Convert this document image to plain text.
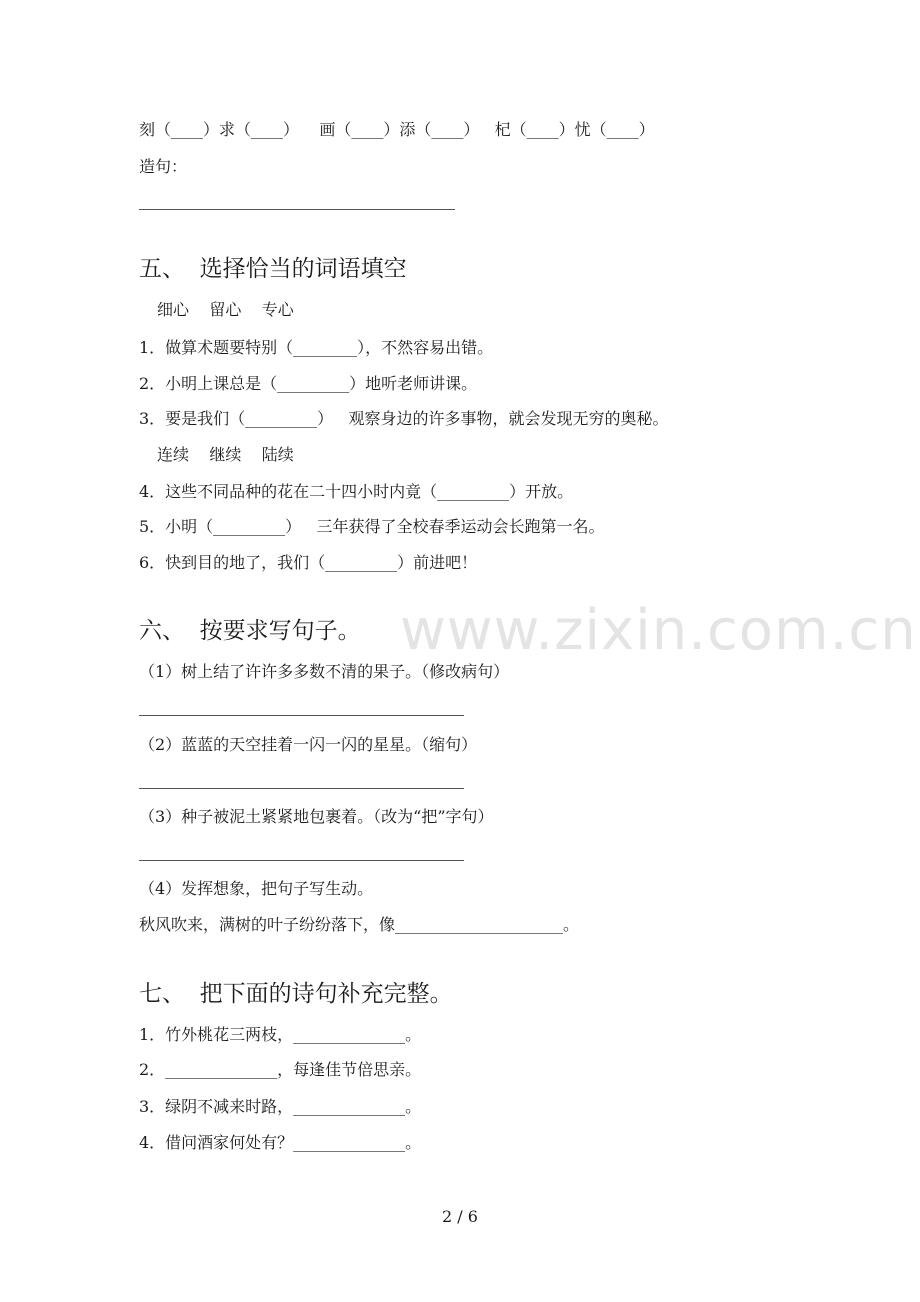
刻（____）求（____）    画（____）添（____）   杞（____）忧（____）
造句：
五、  选择恰当的词语填空
细心    留心    专心
1．做算术题要特别（________），不然容易出错。
2．小明上课总是（_________）地听老师讲课。
3．要是我们（_________）   观察身边的许多事物，就会发现无穷的奥秘。
连续    继续    陆续
4．这些不同品种的花在二十四小时内竟（_________）开放。
5．小明（_________）   三年获得了全校春季运动会长跑第一名。
6．快到目的地了，我们（_________）前进吧！
www.zixin.com.cn
六、  按要求写句子。
（1）树上结了许许多多数不清的果子。（修改病句）
（2）蓝蓝的天空挂着一闪一闪的星星。（缩句）
（3）种子被泥土紧紧地包裹着。（改为“把”字句）
（4）发挥想象，把句子写生动。
秋风吹来，满树的叶子纷纷落下，像_____________________。
七、  把下面的诗句补充完整。
1．竹外桃花三两枝，______________。
2．______________，每逢佳节倍思亲。
3．绿阴不减来时路，______________。
4．借问酒家何处有？______________。
2 / 6
